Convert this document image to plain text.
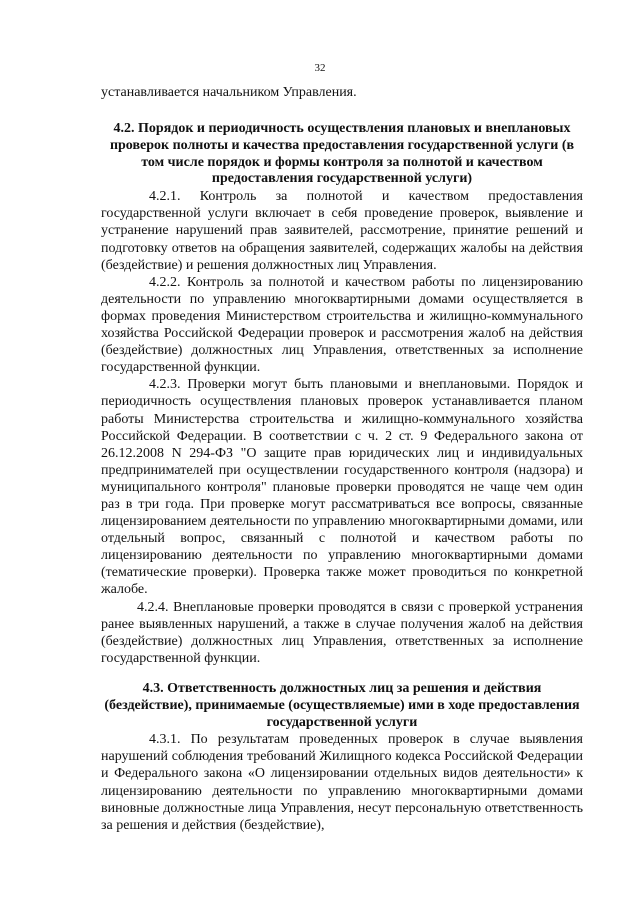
32

устанавливается начальником Управления.

4.2. Порядок и периодичность осуществления плановых и внеплановых проверок полноты и качества предоставления государственной услуги (в том числе порядок и формы контроля за полнотой и качеством предоставления государственной услуги)

4.2.1. Контроль за полнотой и качеством предоставления государственной услуги включает в себя проведение проверок, выявление и устранение нарушений прав заявителей, рассмотрение, принятие решений и подготовку ответов на обращения заявителей, содержащих жалобы на действия (бездействие) и решения должностных лиц Управления.

4.2.2. Контроль за полнотой и качеством работы по лицензированию деятельности по управлению многоквартирными домами осуществляется в формах проведения Министерством строительства и жилищно-коммунального хозяйства Российской Федерации проверок и рассмотрения жалоб на действия (бездействие) должностных лиц Управления, ответственных за исполнение государственной функции.

4.2.3. Проверки могут быть плановыми и внеплановыми. Порядок и периодичность осуществления плановых проверок устанавливается планом работы Министерства строительства и жилищно-коммунального хозяйства Российской Федерации. В соответствии с ч. 2 ст. 9 Федерального закона от 26.12.2008 N 294-ФЗ "О защите прав юридических лиц и индивидуальных предпринимателей при осуществлении государственного контроля (надзора) и муниципального контроля" плановые проверки проводятся не чаще чем один раз в три года. При проверке могут рассматриваться все вопросы, связанные лицензированием деятельности по управлению многоквартирными домами, или отдельный вопрос, связанный с полнотой и качеством работы по лицензированию деятельности по управлению многоквартирными домами (тематические проверки). Проверка также может проводиться по конкретной жалобе.

4.2.4. Внеплановые проверки проводятся в связи с проверкой устранения ранее выявленных нарушений, а также в случае получения жалоб на действия (бездействие) должностных лиц Управления, ответственных за исполнение государственной функции.

4.3. Ответственность должностных лиц за решения и действия (бездействие), принимаемые (осуществляемые) ими в ходе предоставления государственной услуги

4.3.1. По результатам проведенных проверок в случае выявления нарушений соблюдения требований Жилищного кодекса Российской Федерации и Федерального закона «О лицензировании отдельных видов деятельности» к лицензированию деятельности по управлению многоквартирными домами виновные должностные лица Управления, несут персональную ответственность за решения и действия (бездействие),
